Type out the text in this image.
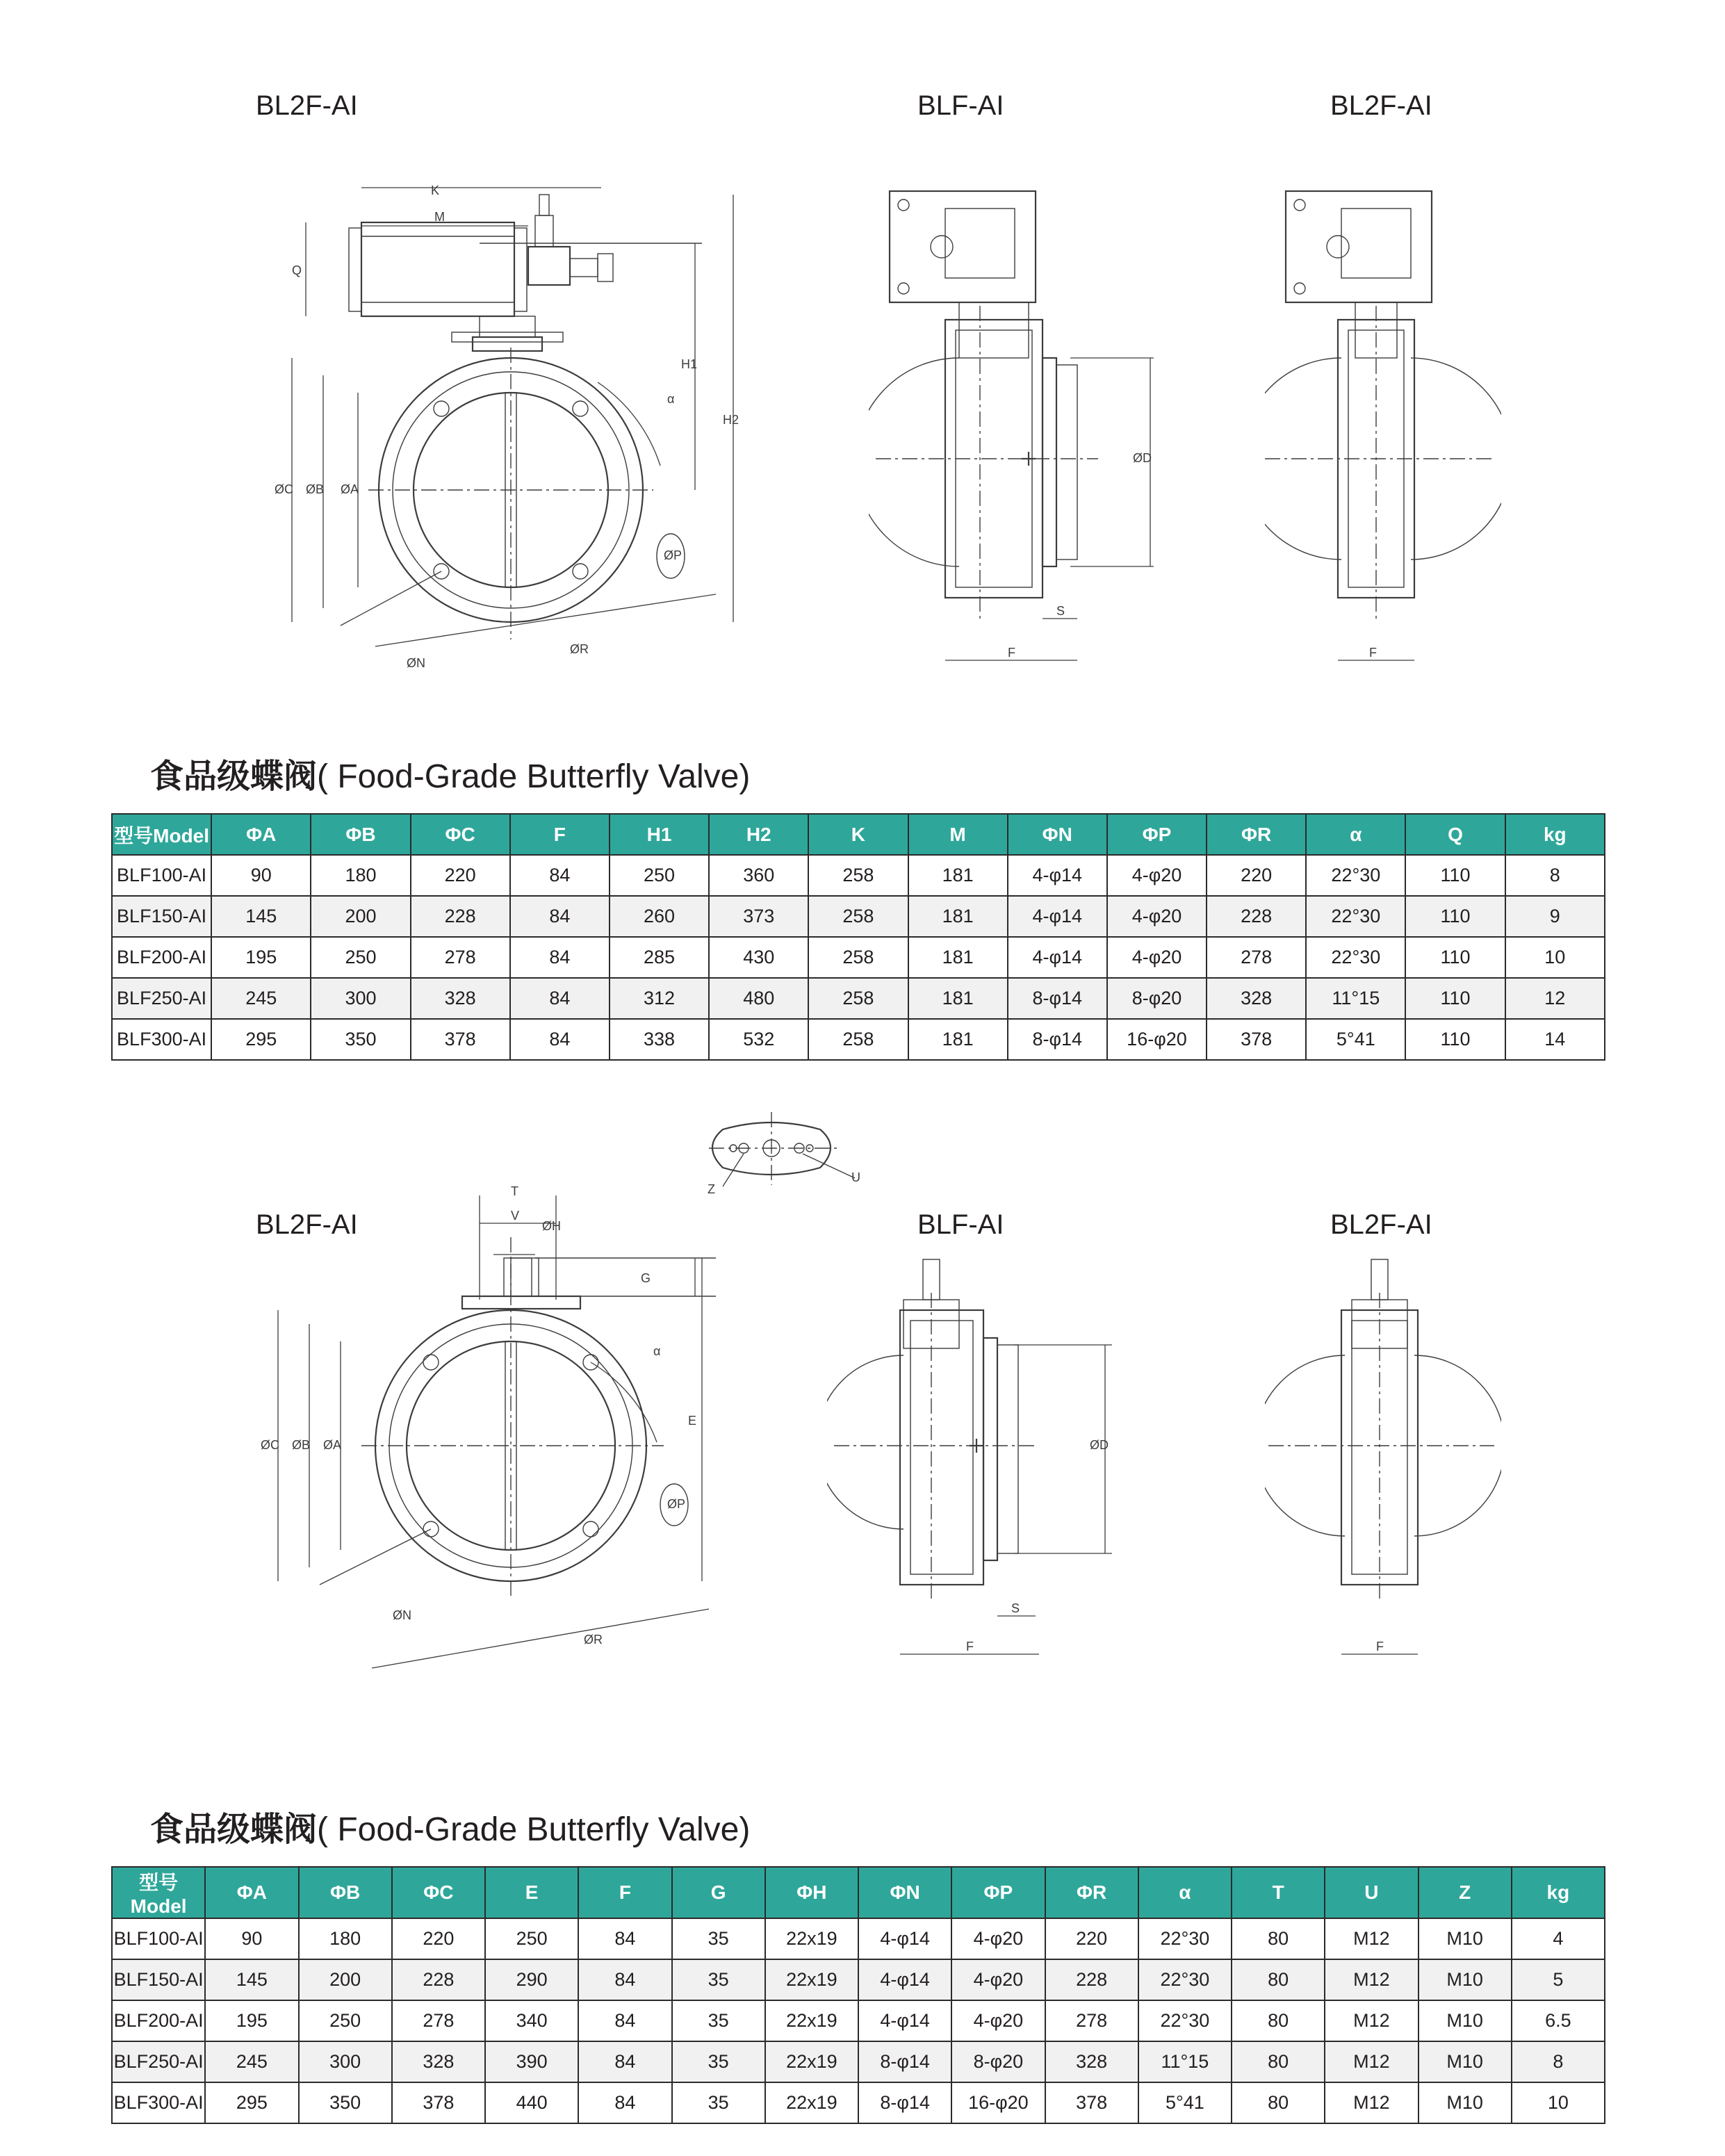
BL2F-AI	BLF-AI	BL2F-AI
K
M
Q
H1
H2
ØC ØB ØA
α
ØP
ØN
ØR
ØD
S
F	F
食品级蝶阀( Food-Grade Butterfly Valve)
型号Model	ΦA	ΦB	ΦC	F	H1	H2	K	M	ΦN	ΦP	ΦR	α	Q	kg
BLF100-AI	90	180	220	84	250	360	258	181	4-φ14	4-φ20	220	22°30	110	8
BLF150-AI	145	200	228	84	260	373	258	181	4-φ14	4-φ20	228	22°30	110	9
BLF200-AI	195	250	278	84	285	430	258	181	4-φ14	4-φ20	278	22°30	110	10
BLF250-AI	245	300	328	84	312	480	258	181	8-φ14	8-φ20	328	11°15	110	12
BLF300-AI	295	350	378	84	338	532	258	181	8-φ14	16-φ20	378	5°41	110	14
Z
U
BL2F-AI	BLF-AI	BL2F-AI
T
V
ØH
G
E
ØC ØB ØA
α
ØP
ØN
ØR
ØD
S
F	F
食品级蝶阀( Food-Grade Butterfly Valve)
型号Model	ΦA	ΦB	ΦC	E	F	G	ΦH	ΦN	ΦP	ΦR	α	T	U	Z	kg
BLF100-AI	90	180	220	250	84	35	22x19	4-φ14	4-φ20	220	22°30	80	M12	M10	4
BLF150-AI	145	200	228	290	84	35	22x19	4-φ14	4-φ20	228	22°30	80	M12	M10	5
BLF200-AI	195	250	278	340	84	35	22x19	4-φ14	4-φ20	278	22°30	80	M12	M10	6.5
BLF250-AI	245	300	328	390	84	35	22x19	8-φ14	8-φ20	328	11°15	80	M12	M10	8
BLF300-AI	295	350	378	440	84	35	22x19	8-φ14	16-φ20	378	5°41	80	M12	M10	10
